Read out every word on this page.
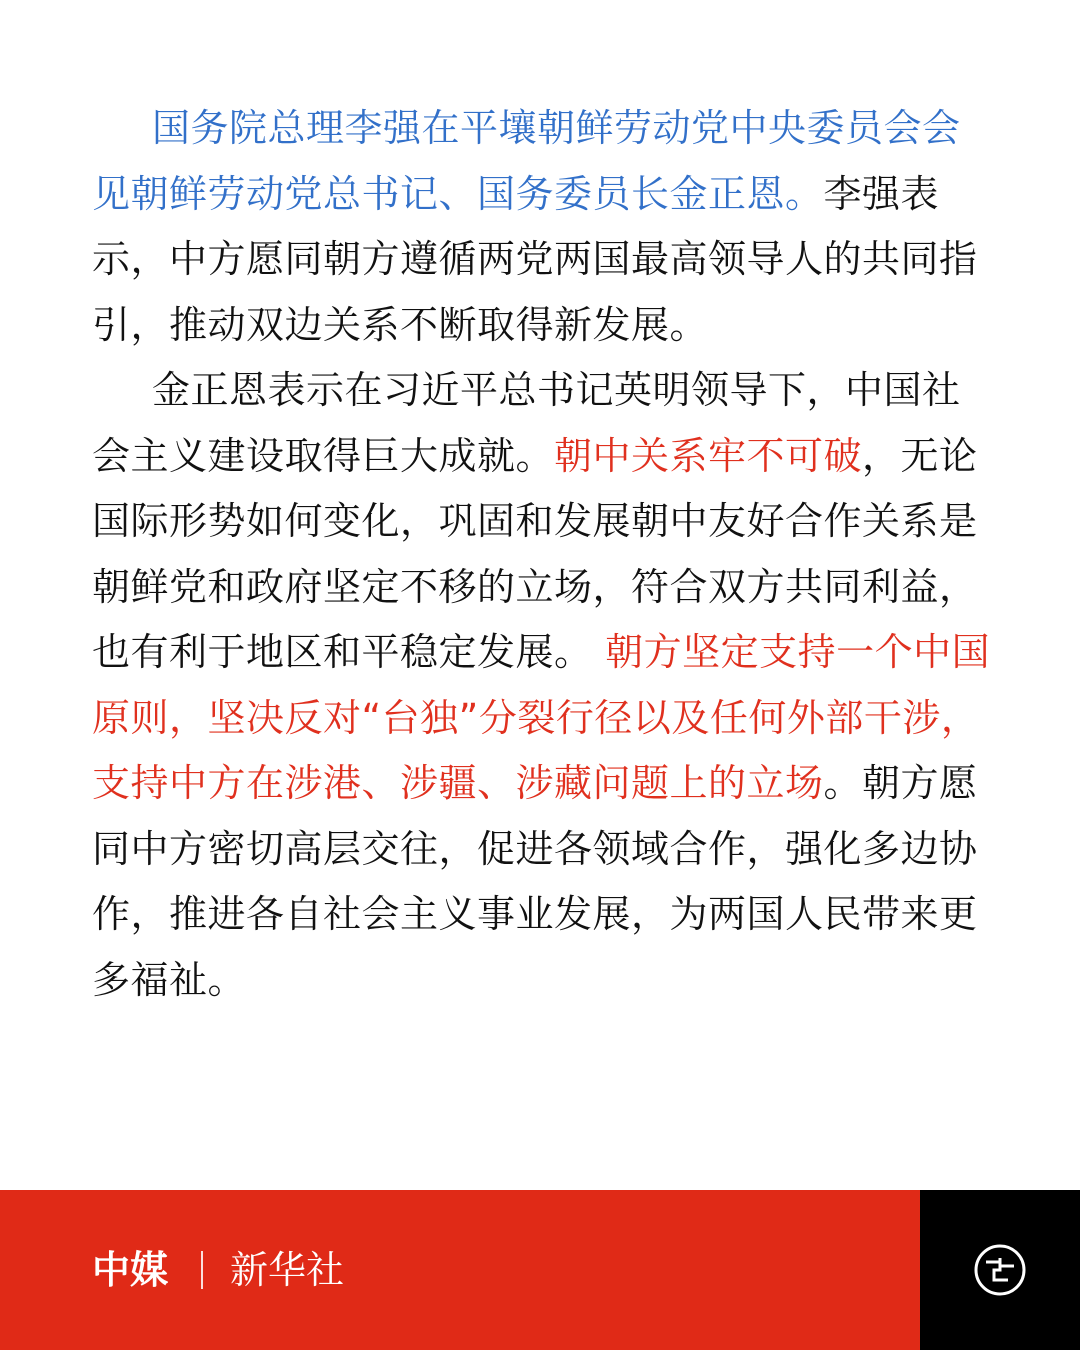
国务院总理李强在平壤朝鲜劳动党中央委员会会见朝鲜劳动党总书记、国务委员长金正恩。李强表示，中方愿同朝方遵循两党两国最高领导人的共同指引，推动双边关系不断取得新发展。

金正恩表示在习近平总书记英明领导下，中国社会主义建设取得巨大成就。朝中关系牢不可破，无论国际形势如何变化，巩固和发展朝中友好合作关系是朝鲜党和政府坚定不移的立场，符合双方共同利益，也有利于地区和平稳定发展。 朝方坚定支持一个中国原则，坚决反对“台独”分裂行径以及任何外部干涉，支持中方在涉港、涉疆、涉藏问题上的立场。朝方愿同中方密切高层交往，促进各领域合作，强化多边协作，推进各自社会主义事业发展，为两国人民带来更多福祉。

中媒 新华社
